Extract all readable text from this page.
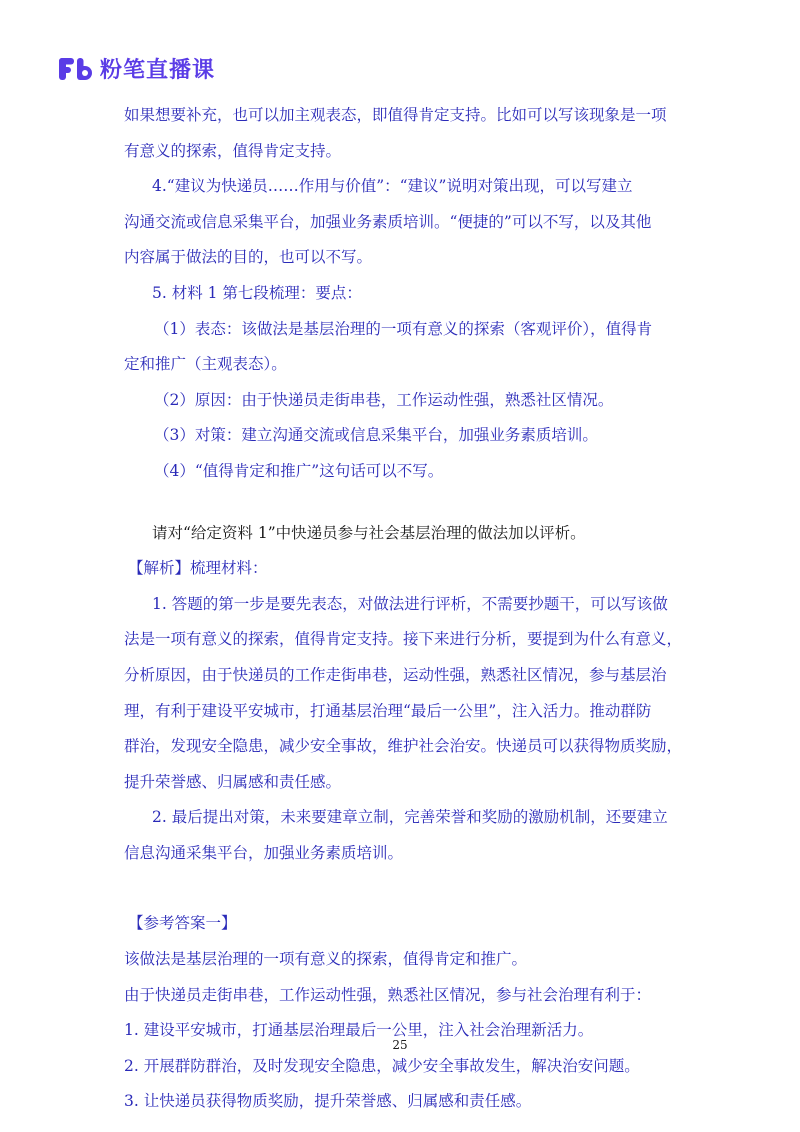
粉笔直播课
如果想要补充，也可以加主观表态，即值得肯定支持。比如可以写该现象是一项
有意义的探索，值得肯定支持。
4.“建议为快递员……作用与价值”：“建议”说明对策出现，可以写建立
沟通交流或信息采集平台，加强业务素质培训。“便捷的”可以不写，以及其他
内容属于做法的目的，也可以不写。
5. 材料 1 第七段梳理：要点：
（1）表态：该做法是基层治理的一项有意义的探索（客观评价），值得肯
定和推广（主观表态）。
（2）原因：由于快递员走街串巷，工作运动性强，熟悉社区情况。
（3）对策：建立沟通交流或信息采集平台，加强业务素质培训。
（4）“值得肯定和推广”这句话可以不写。
请对“给定资料 1”中快递员参与社会基层治理的做法加以评析。
【解析】梳理材料：
1. 答题的第一步是要先表态，对做法进行评析，不需要抄题干，可以写该做
法是一项有意义的探索，值得肯定支持。接下来进行分析，要提到为什么有意义，
分析原因，由于快递员的工作走街串巷，运动性强，熟悉社区情况，参与基层治
理，有利于建设平安城市，打通基层治理“最后一公里”，注入活力。推动群防
群治，发现安全隐患，减少安全事故，维护社会治安。快递员可以获得物质奖励，
提升荣誉感、归属感和责任感。
2. 最后提出对策，未来要建章立制，完善荣誉和奖励的激励机制，还要建立
信息沟通采集平台，加强业务素质培训。
【参考答案一】
该做法是基层治理的一项有意义的探索，值得肯定和推广。
由于快递员走街串巷，工作运动性强，熟悉社区情况，参与社会治理有利于：
1. 建设平安城市，打通基层治理最后一公里，注入社会治理新活力。
2. 开展群防群治，及时发现安全隐患，减少安全事故发生，解决治安问题。
3. 让快递员获得物质奖励，提升荣誉感、归属感和责任感。
25
